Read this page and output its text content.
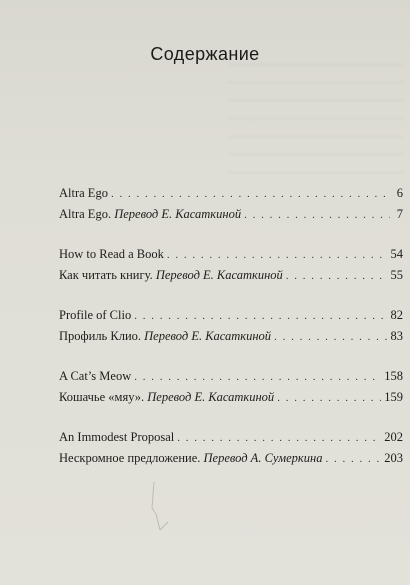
Содержание
Altra Ego . . .	6
Altra Ego. Перевод Е. Касаткиной . . .	7
How to Read a Book . . .	54
Как читать книгу. Перевод Е. Касаткиной . . .	55
Profile of Clio . . .	82
Профиль Клио. Перевод Е. Касаткиной . . .	83
A Cat’s Meow . . .	158
Кошачье «мяу». Перевод Е. Касаткиной . . .	159
An Immodest Proposal . . .	202
Нескромное предложение. Перевод А. Сумеркина . . .	203
